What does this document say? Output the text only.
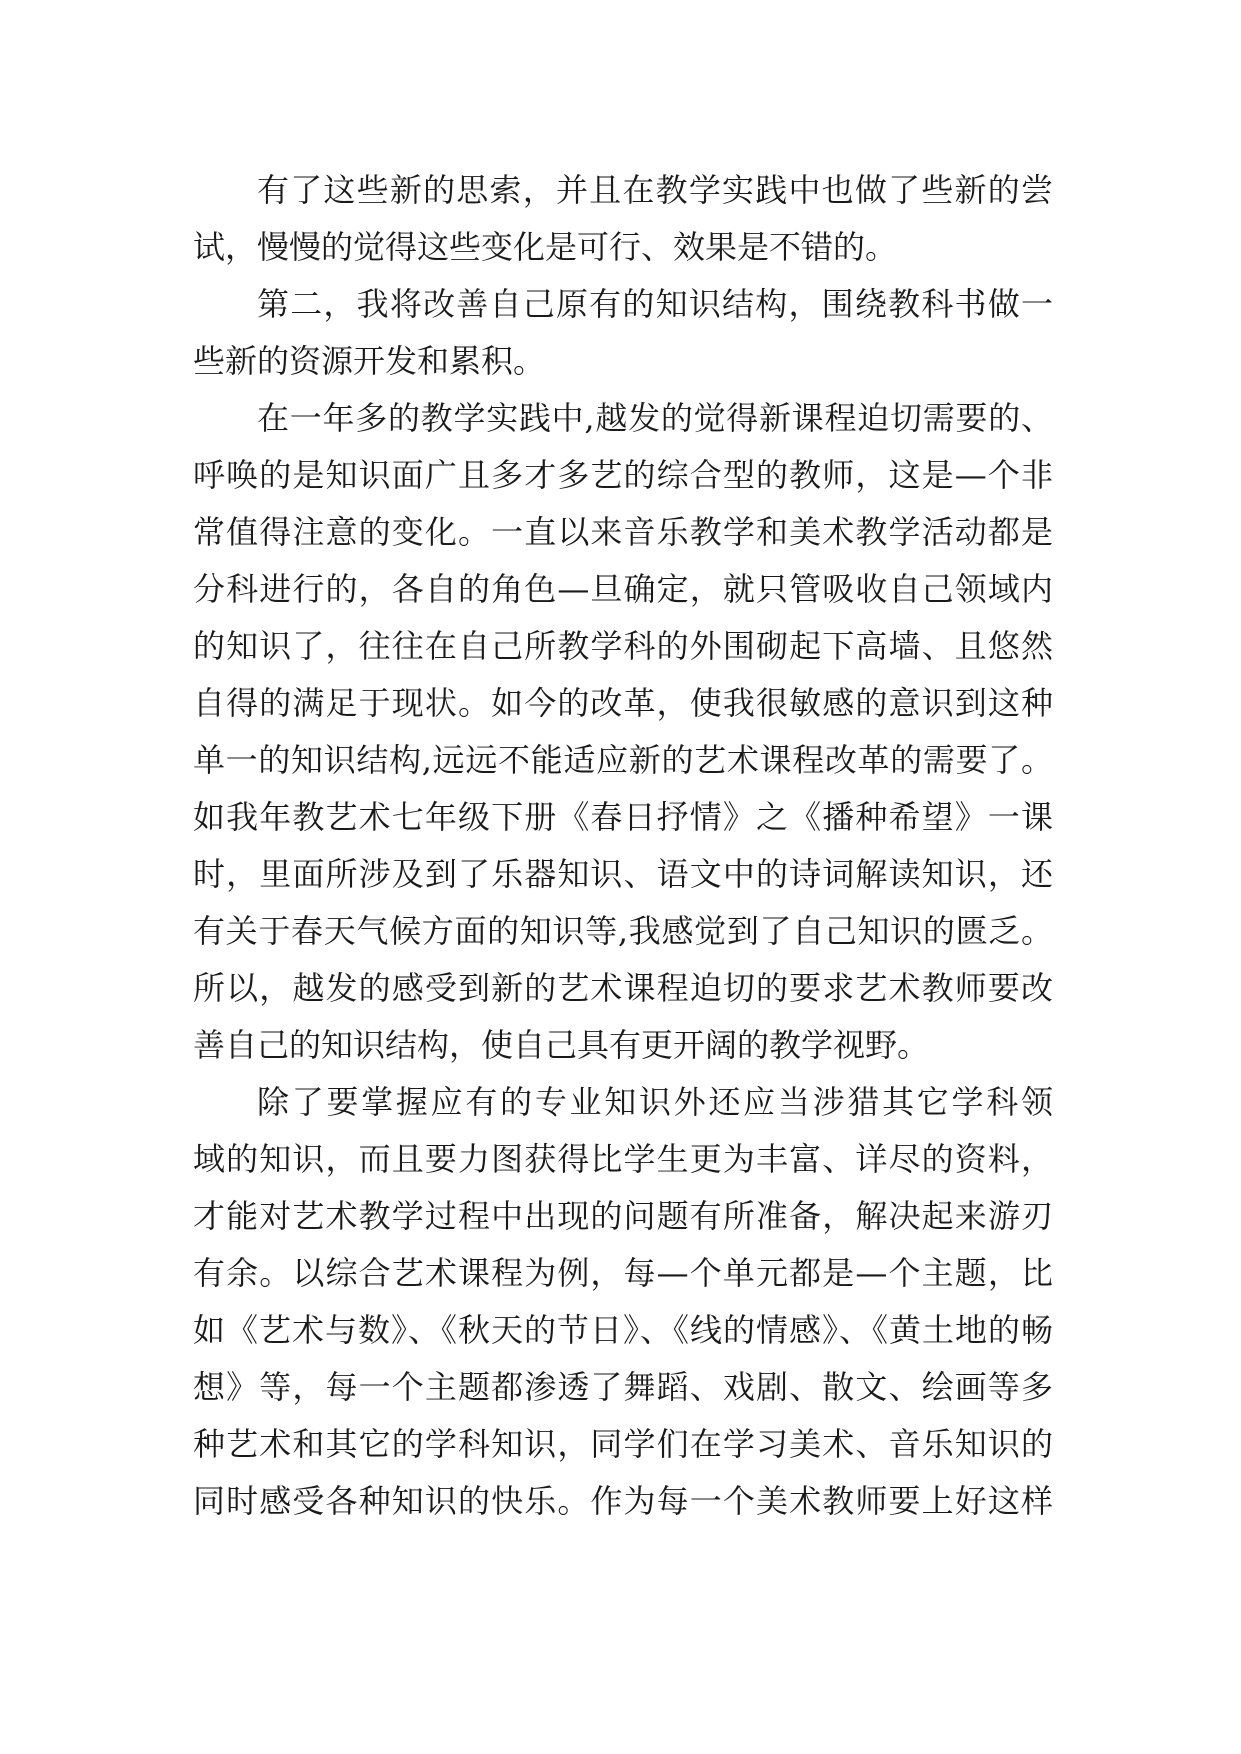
有了这些新的思索，并且在教学实践中也做了些新的尝
试，慢慢的觉得这些变化是可行、效果是不错的。
第二，我将改善自己原有的知识结构，围绕教科书做一
些新的资源开发和累积。
在一年多的教学实践中,越发的觉得新课程迫切需要的、
呼唤的是知识面广且多才多艺的综合型的教师，这是—个非
常值得注意的变化。一直以来音乐教学和美术教学活动都是
分科进行的，各自的角色—旦确定，就只管吸收自己领域内
的知识了，往往在自己所教学科的外围砌起下高墙、且悠然
自得的满足于现状。如今的改革，使我很敏感的意识到这种
单一的知识结构,远远不能适应新的艺术课程改革的需要了。
如我年教艺术七年级下册《春日抒情》之《播种希望》一课
时，里面所涉及到了乐器知识、语文中的诗词解读知识，还
有关于春天气候方面的知识等,我感觉到了自己知识的匮乏。
所以，越发的感受到新的艺术课程迫切的要求艺术教师要改
善自己的知识结构，使自己具有更开阔的教学视野。
除了要掌握应有的专业知识外还应当涉猎其它学科领
域的知识，而且要力图获得比学生更为丰富、详尽的资料，
才能对艺术教学过程中出现的问题有所准备，解决起来游刃
有余。以综合艺术课程为例，每—个单元都是—个主题，比
如《艺术与数》、《秋天的节日》、《线的情感》、《黄土地的畅
想》等，每一个主题都渗透了舞蹈、戏剧、散文、绘画等多
种艺术和其它的学科知识，同学们在学习美术、音乐知识的
同时感受各种知识的快乐。作为每一个美术教师要上好这样
